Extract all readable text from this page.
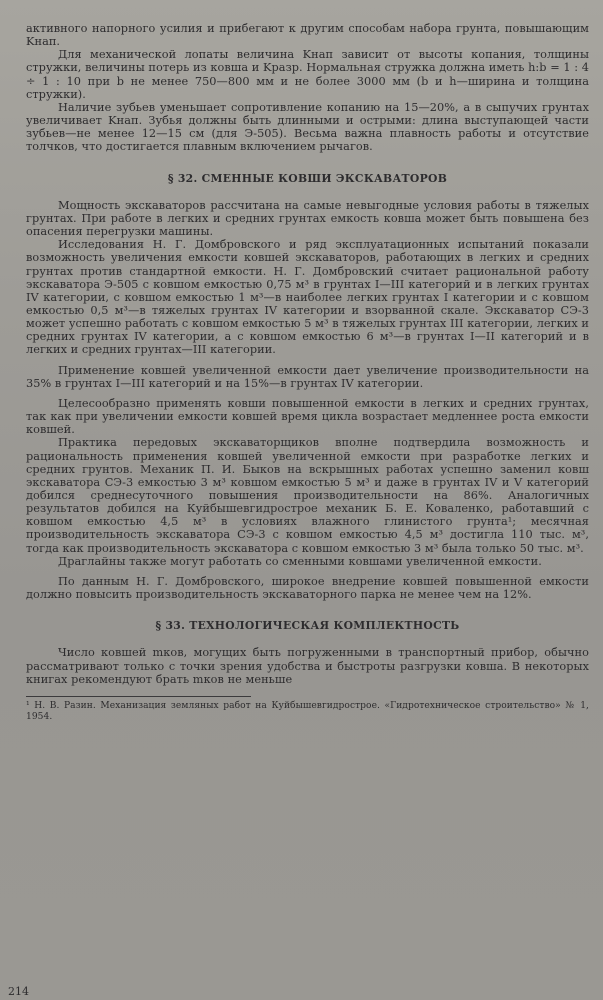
активного напорного усилия и прибегают к другим способам набора грунта, повышающим Kнап.

Для механической лопаты величина Kнап зависит от высоты копания, толщины стружки, величины потерь из ковша и Kразр. Нормальная стружка должна иметь h:b = 1 : 4 ÷ 1 : 10 при b не менее 750—800 мм и не более 3000 мм (b и h—ширина и толщина стружки).

Наличие зубьев уменьшает сопротивление копанию на 15—20%, а в сыпучих грунтах увеличивает Kнап. Зубья должны быть длинными и острыми: длина выступающей части зубьев—не менее 12—15 см (для Э-505). Весьма важна плавность работы и отсутствие толчков, что достигается плавным включением рычагов.

§ 32. СМЕННЫЕ КОВШИ ЭКСКАВАТОРОВ

Мощность экскаваторов рассчитана на самые невыгодные условия работы в тяжелых грунтах. При работе в легких и средних грунтах емкость ковша может быть повышена без опасения перегрузки машины.

Исследования Н. Г. Домбровского и ряд эксплуатационных испытаний показали возможность увеличения емкости ковшей экскаваторов, работающих в легких и средних грунтах против стандартной емкости. Н. Г. Домбровский считает рациональной работу экскаватора Э-505 с ковшом емкостью 0,75 м³ в грунтах I—III категорий и в легких грунтах IV категории, с ковшом емкостью 1 м³—в наиболее легких грунтах I категории и с ковшом емкостью 0,5 м³—в тяжелых грунтах IV категории и взорванной скале. Экскаватор СЭ-3 может успешно работать с ковшом емкостью 5 м³ в тяжелых грунтах III категории, легких и средних грунтах IV категории, а с ковшом емкостью 6 м³—в грунтах I—II категорий и в легких и средних грунтах—III категории.

Применение ковшей увеличенной емкости дает увеличение производительности на 35% в грунтах I—III категорий и на 15%—в грунтах IV категории.

Целесообразно применять ковши повышенной емкости в легких и средних грунтах, так как при увеличении емкости ковшей время цикла возрастает медленнее роста емкости ковшей.

Практика передовых экскаваторщиков вполне подтвердила возможность и рациональность применения ковшей увеличенной емкости при разработке легких и средних грунтов. Механик П. И. Быков на вскрышных работах успешно заменил ковш экскаватора СЭ-3 емкостью 3 м³ ковшом емкостью 5 м³ и даже в грунтах IV и V категорий добился среднесуточного повышения производительности на 86%. Аналогичных результатов добился на Куйбышевгидрострое механик Б. Е. Коваленко, работавший с ковшом емкостью 4,5 м³ в условиях влажного глинистого грунта¹; месячная производительность экскаватора СЭ-3 с ковшом емкостью 4,5 м³ достигла 110 тыс. м³, тогда как производительность экскаватора с ковшом емкостью 3 м³ была только 50 тыс. м³.

Драглайны также могут работать со сменными ковшами увеличенной емкости.

По данным Н. Г. Домбровского, широкое внедрение ковшей повышенной емкости должно повысить производительность экскаваторного парка не менее чем на 12%.

§ 33. ТЕХНОЛОГИЧЕСКАЯ КОМПЛЕКТНОСТЬ

Число ковшей mков, могущих быть погруженными в транспортный прибор, обычно рассматривают только с точки зрения удобства и быстроты разгрузки ковша. В некоторых книгах рекомендуют брать mков не меньше

¹ Н. В. Разин. Механизация земляных работ на Куйбышевгидрострое. «Гидротехническое строительство» № 1, 1954.

214
